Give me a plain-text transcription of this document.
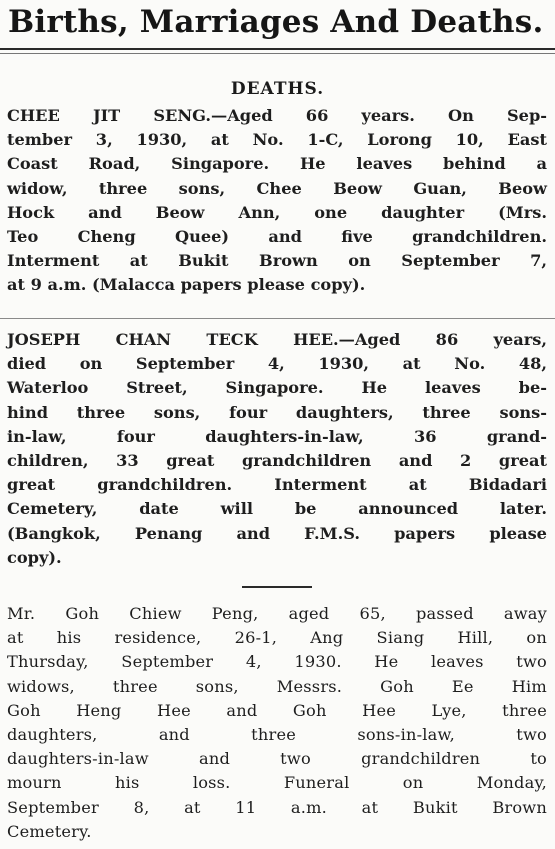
Births, Marriages And Deaths.
DEATHS.
CHEE JIT SENG.—Aged 66 years. On Sep-
tember 3, 1930, at No. 1-C, Lorong 10, East
Coast Road, Singapore. He leaves behind a
widow, three sons, Chee Beow Guan, Beow
Hock and Beow Ann, one daughter (Mrs.
Teo Cheng Quee) and five grandchildren.
Interment at Bukit Brown on September 7,
at 9 a.m. (Malacca papers please copy).
JOSEPH CHAN TECK HEE.—Aged 86 years,
died on September 4, 1930, at No. 48,
Waterloo Street, Singapore. He leaves be-
hind three sons, four daughters, three sons-
in-law, four daughters-in-law, 36 grand-
children, 33 great grandchildren and 2 great
great grandchildren. Interment at Bidadari
Cemetery, date will be announced later.
(Bangkok, Penang and F.M.S. papers please
copy).
Mr. Goh Chiew Peng, aged 65, passed away
at his residence, 26-1, Ang Siang Hill, on
Thursday, September 4, 1930. He leaves two
widows, three sons, Messrs. Goh Ee Him
Goh Heng Hee and Goh Hee Lye, three
daughters, and three sons-in-law, two
daughters-in-law and two grandchildren to
mourn his loss. Funeral on Monday,
September 8, at 11 a.m. at Bukit Brown
Cemetery.
